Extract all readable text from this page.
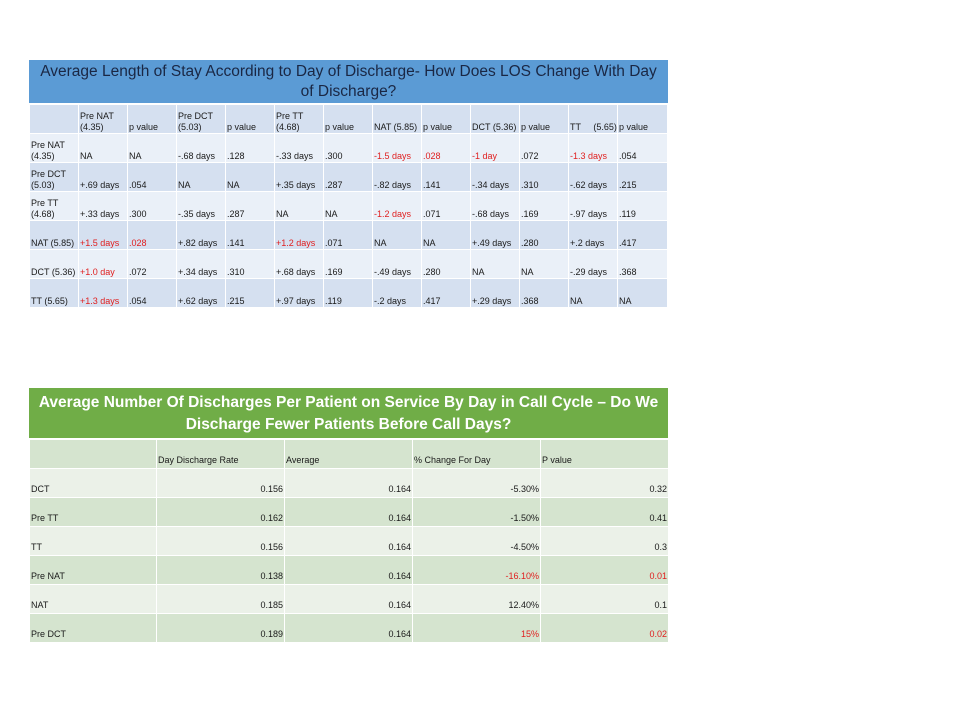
Average Length of Stay According to Day of Discharge- How Does LOS Change With Day of Discharge?
	Pre NAT (4.35)	p value	Pre DCT (5.03)	p value	Pre TT (4.68)	p value	NAT (5.85)	p value	DCT (5.36)	p value	TT     (5.65)	p value
Pre NAT (4.35)	NA	NA	-.68 days	.128	-.33 days	.300	-1.5 days	.028	-1 day	.072	-1.3 days	.054
Pre DCT (5.03)	+.69 days	.054	NA	NA	+.35 days	.287	-.82 days	.141	-.34 days	.310	-.62 days	.215
Pre TT (4.68)	+.33 days	.300	-.35 days	.287	NA	NA	-1.2 days	.071	-.68 days	.169	-.97 days	.119
NAT (5.85)	+1.5 days	.028	+.82 days	.141	+1.2 days	.071	NA	NA	+.49 days	.280	+.2 days	.417
DCT (5.36)	+1.0 day	.072	+.34 days	.310	+.68 days	.169	-.49 days	.280	NA	NA	-.29 days	.368
TT (5.65)	+1.3 days	.054	+.62 days	.215	+.97 days	.119	-.2 days	.417	+.29 days	.368	NA	NA
Average Number Of Discharges Per Patient on Service By Day in Call Cycle – Do We Discharge Fewer Patients Before Call Days?
	Day Discharge Rate	Average	% Change For Day	P value
DCT	0.156	0.164	-5.30%	0.32
Pre TT	0.162	0.164	-1.50%	0.41
TT	0.156	0.164	-4.50%	0.3
Pre NAT	0.138	0.164	-16.10%	0.01
NAT	0.185	0.164	12.40%	0.1
Pre DCT	0.189	0.164	15%	0.02
